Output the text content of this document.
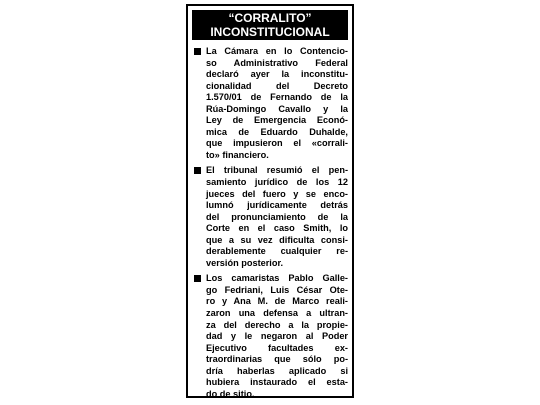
“CORRALITO”
INCONSTITUCIONAL
La Cámara en lo Contencio-
so Administrativo Federal
declaró ayer la inconstitu-
cionalidad del Decreto
1.570/01 de Fernando de la
Rúa-Domingo Cavallo y la
Ley de Emergencia Econó-
mica de Eduardo Duhalde,
que impusieron el «corrali-
to» financiero.
El tribunal resumió el pen-
samiento jurídico de los 12
jueces del fuero y se enco-
lumnó jurídicamente detrás
del pronunciamiento de la
Corte en el caso Smith, lo
que a su vez dificulta consi-
derablemente cualquier re-
versión posterior.
Los camaristas Pablo Galle-
go Fedriani, Luis César Ote-
ro y Ana M. de Marco reali-
zaron una defensa a ultran-
za del derecho a la propie-
dad y le negaron al Poder
Ejecutivo facultades ex-
traordinarias que sólo po-
dría haberlas aplicado si
hubiera instaurado el esta-
do de sitio.
